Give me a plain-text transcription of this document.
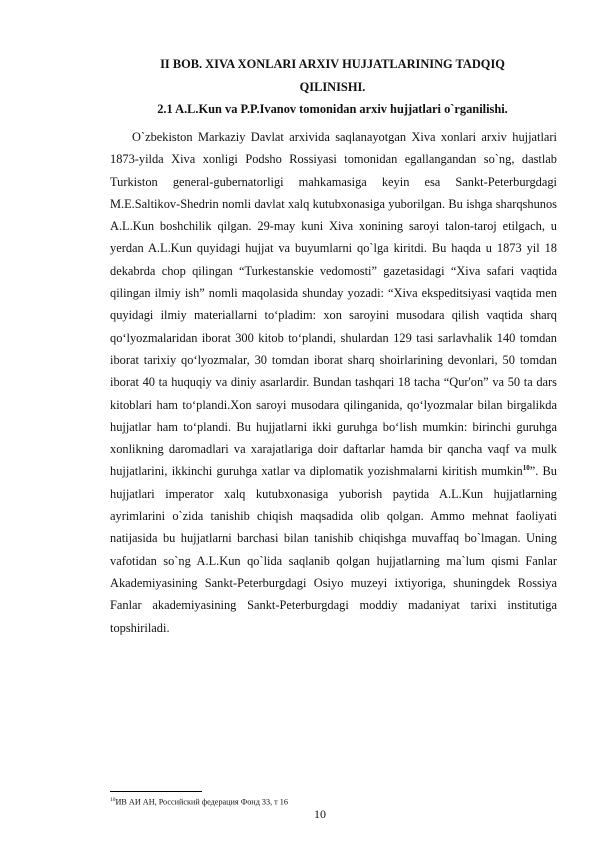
II BOB. XIVA XONLARI ARXIV HUJJATLARINING TADQIQ

QILINISHI.

2.1 A.L.Kun va P.P.Ivanov tomonidan arxiv hujjatlari o`rganilishi.

O`zbekiston Markaziy Davlat arxivida saqlanayotgan Xiva xonlari arxiv hujjatlari 1873-yilda Xiva xonligi Podsho Rossiyasi tomonidan egallangandan so`ng, dastlab Turkiston general-gubernatorligi mahkamasiga keyin esa Sankt-Peterburgdagi M.E.Saltikov-Shedrin nomli davlat xalq kutubxonasiga yuborilgan. Bu ishga sharqshunos A.L.Kun boshchilik qilgan. 29-may kuni Xiva xonining saroyi talon-taroj etilgach, u yerdan A.L.Kun quyidagi hujjat va buyumlarni qo`lga kiritdi. Bu haqda u 1873 yil 18 dekabrda chop qilingan “Turkestanskie vedomosti” gazetasidagi “Xiva safari vaqtida qilingan ilmiy ish” nomli maqolasida shunday yozadi: “Xiva ekspeditsiyasi vaqtida men quyidagi ilmiy materiallarni to‘pladim: xon saroyini musodara qilish vaqtida sharq qo‘lyozmalaridan iborat 300 kitob to‘plandi, shulardan 129 tasi sarlavhalik 140 tomdan iborat tarixiy qo‘lyozmalar, 30 tomdan iborat sharq shoirlarining devonlari, 50 tomdan iborat 40 ta huquqiy va diniy asarlardir. Bundan tashqari 18 tacha “Qur'on” va 50 ta dars kitoblari ham to‘plandi.Xon saroyi musodara qilinganida, qo‘lyozmalar bilan birgalikda hujjatlar ham to‘plandi. Bu hujjatlarni ikki guruhga bo‘lish mumkin: birinchi guruhga xonlikning daromadlari va xarajatlariga doir daftarlar hamda bir qancha vaqf va mulk hujjatlarini, ikkinchi guruhga xatlar va diplomatik yozishmalarni kiritish mumkin$^{10}$”. Bu hujjatlari imperator xalq kutubxonasiga yuborish paytida A.L.Kun hujjatlarning ayrimlarini o`zida tanishib chiqish maqsadida olib qolgan. Ammo mehnat faoliyati natijasida bu hujjatlarni barchasi bilan tanishib chiqishga muvaffaq bo`lmagan. Uning vafotidan so`ng A.L.Kun qo`lida saqlanib qolgan hujjatlarning ma`lum qismi Fanlar Akademiyasining Sankt-Peterburgdagi Osiyo muzeyi ixtiyoriga, shuningdek Rossiya Fanlar akademiyasining Sankt-Peterburgdagi moddiy madaniyat tarixi institutiga topshiriladi.

$^{10}$ИВ АИ АН, Российский федерация Фонд 33, т 16

10
